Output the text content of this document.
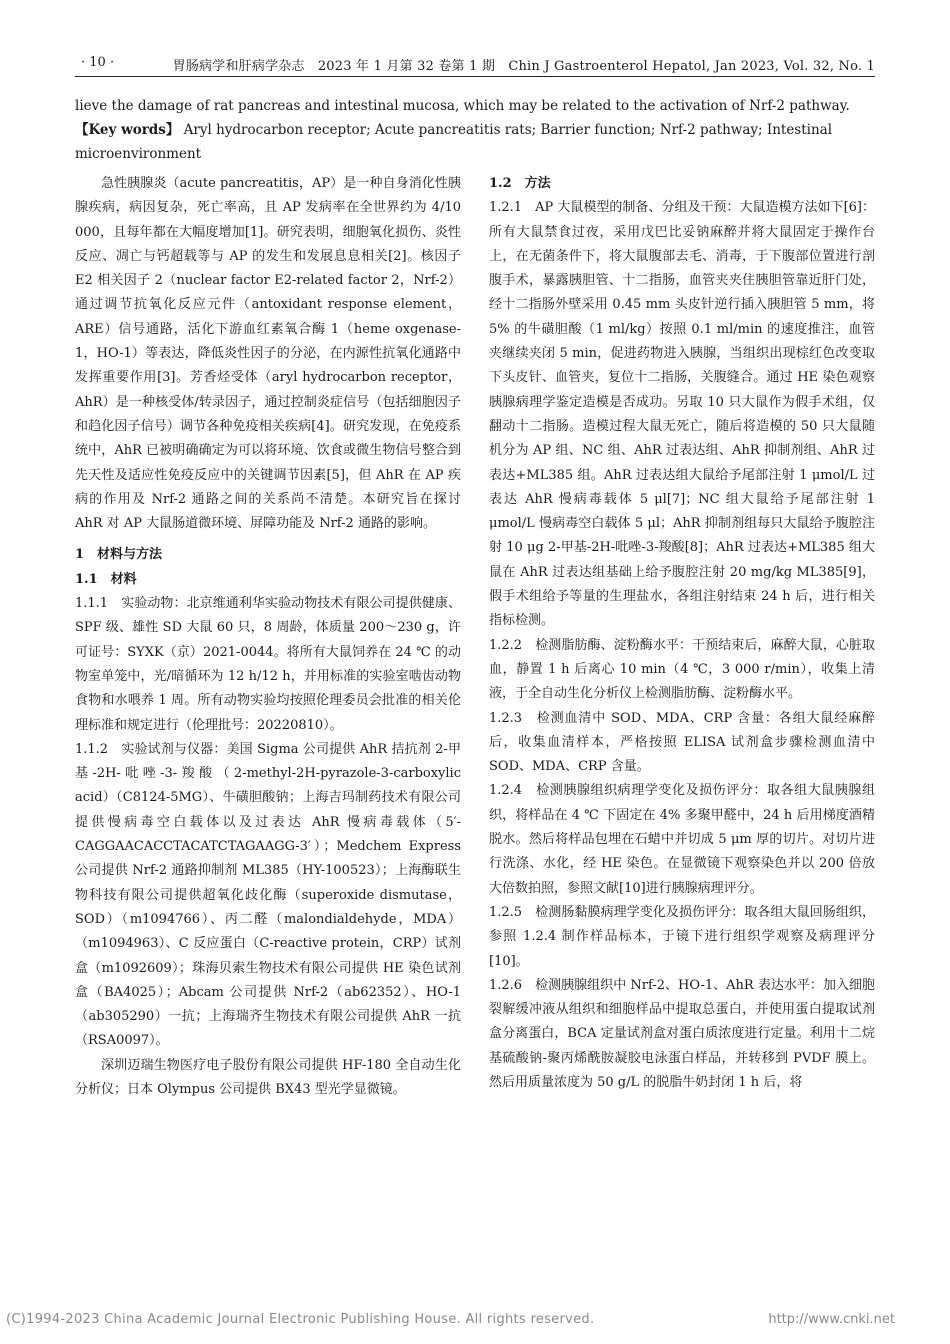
· 10 ·	胃肠病学和肝病学杂志　2023 年 1 月第 32 卷第 1 期　Chin J Gastroenterol Hepatol, Jan 2023, Vol. 32, No. 1
lieve the damage of rat pancreas and intestinal mucosa, which may be related to the activation of Nrf-2 pathway.
【Key words】 Aryl hydrocarbon receptor; Acute pancreatitis rats; Barrier function; Nrf-2 pathway; Intestinal microenvironment

急性胰腺炎（acute pancreatitis，AP）是一种自身消化性胰腺疾病，病因复杂，死亡率高，且 AP 发病率在全世界约为 4/10 000，且每年都在大幅度增加[1]。研究表明，细胞氧化损伤、炎性反应、凋亡与钙超载等与 AP 的发生和发展息息相关[2]。核因子 E2 相关因子 2（nuclear factor E2-related factor 2，Nrf-2）通过调节抗氧化反应元件（antoxidant response element，ARE）信号通路，活化下游血红素氧合酶 1（heme oxgenase-1，HO-1）等表达，降低炎性因子的分泌，在内源性抗氧化通路中发挥重要作用[3]。芳香烃受体（aryl hydrocarbon receptor，AhR）是一种核受体/转录因子，通过控制炎症信号（包括细胞因子和趋化因子信号）调节各种免疫相关疾病[4]。研究发现，在免疫系统中，AhR 已被明确确定为可以将环境、饮食或微生物信号整合到先天性及适应性免疫反应中的关键调节因素[5]，但 AhR 在 AP 疾病的作用及 Nrf-2 通路之间的关系尚不清楚。本研究旨在探讨 AhR 对 AP 大鼠肠道微环境、屏障功能及 Nrf-2 通路的影响。

1　材料与方法

1.1　材料

1.1.1　实验动物：北京维通利华实验动物技术有限公司提供健康、SPF 级、雄性 SD 大鼠 60 只，8 周龄，体质量 200～230 g，许可证号：SYXK（京）2021-0044。将所有大鼠饲养在 24 ℃ 的动物室单笼中，光/暗循环为 12 h/12 h，并用标准的实验室啮齿动物食物和水喂养 1 周。所有动物实验均按照伦理委员会批准的相关伦理标准和规定进行（伦理批号：20220810）。

1.1.2　实验试剂与仪器：美国 Sigma 公司提供 AhR 拮抗剂 2-甲基-2H-吡唑-3-羧酸（2-methyl-2H-pyrazole-3-carboxylic acid）（C8124-5MG）、牛磺胆酸钠；上海吉玛制药技术有限公司提供慢病毒空白载体以及过表达 AhR 慢病毒载体（5′-CAGGAACACCTACATCTAGAAGG-3′）；Medchem Express 公司提供 Nrf-2 通路抑制剂 ML385（HY-100523）；上海酶联生物科技有限公司提供超氧化歧化酶（superoxide dismutase，SOD）（m1094766）、丙二醛（malondialdehyde，MDA）（m1094963）、C 反应蛋白（C-reactive protein，CRP）试剂盒（m1092609）；珠海贝索生物技术有限公司提供 HE 染色试剂盒（BA4025）；Abcam 公司提供 Nrf-2（ab62352）、HO-1（ab305290）一抗；上海瑞齐生物技术有限公司提供 AhR 一抗（RSA0097）。

深圳迈瑞生物医疗电子股份有限公司提供 HF-180 全自动生化分析仪；日本 Olympus 公司提供 BX43 型光学显微镜。

1.2　方法

1.2.1　AP 大鼠模型的制备、分组及干预：大鼠造模方法如下[6]：所有大鼠禁食过夜，采用戊巴比妥钠麻醉并将大鼠固定于操作台上，在无菌条件下，将大鼠腹部去毛、消毒，于下腹部位置进行剖腹手术，暴露胰胆管、十二指肠，血管夹夹住胰胆管靠近肝门处，经十二指肠外壁采用 0.45 mm 头皮针逆行插入胰胆管 5 mm，将 5% 的牛磺胆酸（1 ml/kg）按照 0.1 ml/min 的速度推注，血管夹继续夹闭 5 min，促进药物进入胰腺，当组织出现棕红色改变取下头皮针、血管夹，复位十二指肠，关腹缝合。通过 HE 染色观察胰腺病理学鉴定造模是否成功。另取 10 只大鼠作为假手术组，仅翻动十二指肠。造模过程大鼠无死亡，随后将造模的 50 只大鼠随机分为 AP 组、NC 组、AhR 过表达组、AhR 抑制剂组、AhR 过表达+ML385 组。AhR 过表达组大鼠给予尾部注射 1 μmol/L 过表达 AhR 慢病毒载体 5 μl[7]；NC 组大鼠给予尾部注射 1 μmol/L 慢病毒空白载体 5 μl；AhR 抑制剂组每只大鼠给予腹腔注射 10 μg 2-甲基-2H-吡唑-3-羧酸[8]；AhR 过表达+ML385 组大鼠在 AhR 过表达组基础上给予腹腔注射 20 mg/kg ML385[9]，假手术组给予等量的生理盐水，各组注射结束 24 h 后，进行相关指标检测。

1.2.2　检测脂肪酶、淀粉酶水平：干预结束后，麻醉大鼠，心脏取血，静置 1 h 后离心 10 min（4 ℃，3 000 r/min），收集上清液，于全自动生化分析仪上检测脂肪酶、淀粉酶水平。

1.2.3　检测血清中 SOD、MDA、CRP 含量：各组大鼠经麻醉后，收集血清样本，严格按照 ELISA 试剂盒步骤检测血清中 SOD、MDA、CRP 含量。

1.2.4　检测胰腺组织病理学变化及损伤评分：取各组大鼠胰腺组织，将样品在 4 ℃ 下固定在 4% 多聚甲醛中，24 h 后用梯度酒精脱水。然后将样品包埋在石蜡中并切成 5 μm 厚的切片。对切片进行洗涤、水化，经 HE 染色。在显微镜下观察染色并以 200 倍放大倍数拍照，参照文献[10]进行胰腺病理评分。

1.2.5　检测肠黏膜病理学变化及损伤评分：取各组大鼠回肠组织，参照 1.2.4 制作样品标本，于镜下进行组织学观察及病理评分[10]。

1.2.6　检测胰腺组织中 Nrf-2、HO-1、AhR 表达水平：加入细胞裂解缓冲液从组织和细胞样品中提取总蛋白，并使用蛋白提取试剂盒分离蛋白，BCA 定量试剂盒对蛋白质浓度进行定量。利用十二烷基硫酸钠-聚丙烯酰胺凝胶电泳蛋白样品，并转移到 PVDF 膜上。然后用质量浓度为 50 g/L 的脱脂牛奶封闭 1 h 后，将

(C)1994-2023 China Academic Journal Electronic Publishing House. All rights reserved.	http://www.cnki.net
